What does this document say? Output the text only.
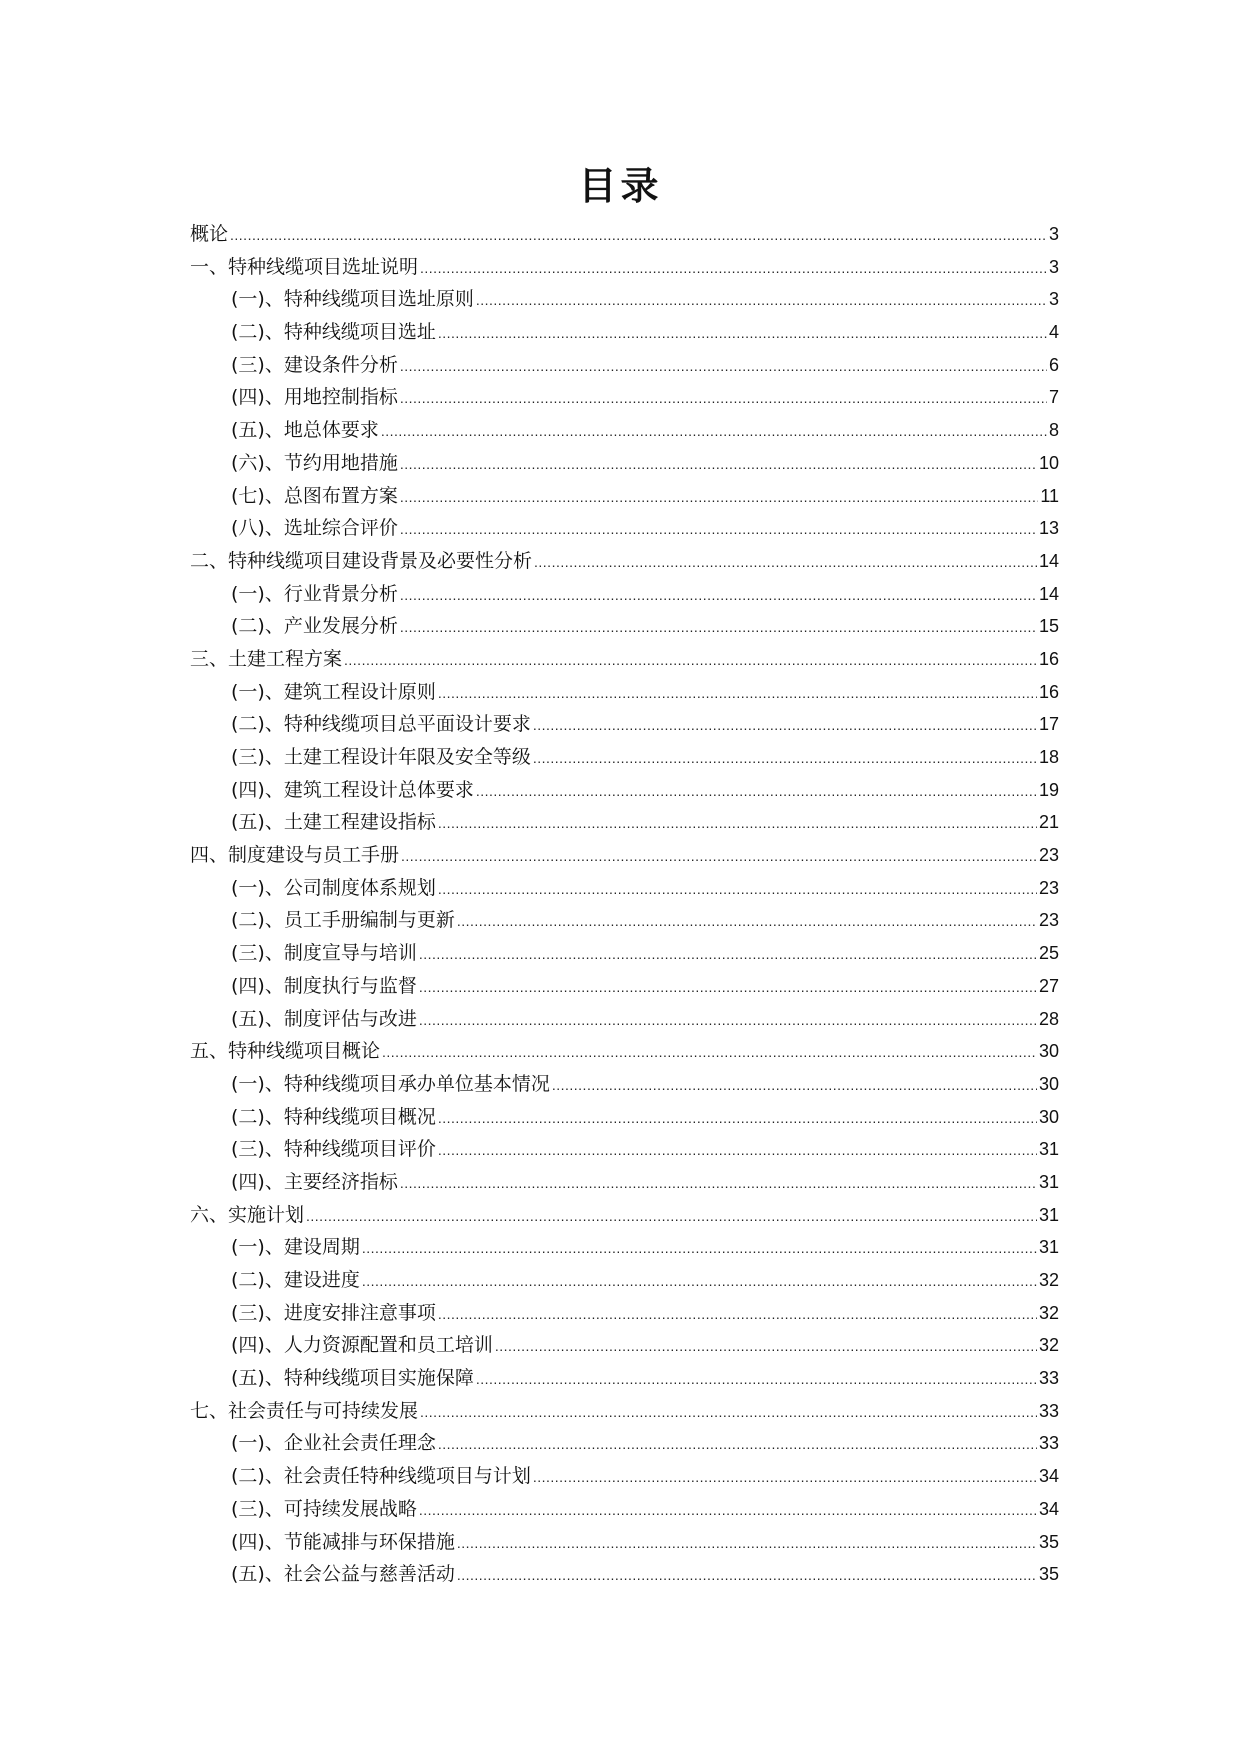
目录
概论 .....	3
一、特种线缆项目选址说明 .....	3
(一)、特种线缆项目选址原则 .....	3
(二)、特种线缆项目选址 .....	4
(三)、建设条件分析 .....	6
(四)、用地控制指标 .....	7
(五)、地总体要求 .....	8
(六)、节约用地措施 .....	10
(七)、总图布置方案 .....	11
(八)、选址综合评价 .....	13
二、特种线缆项目建设背景及必要性分析 .....	14
(一)、行业背景分析 .....	14
(二)、产业发展分析 .....	15
三、土建工程方案 .....	16
(一)、建筑工程设计原则 .....	16
(二)、特种线缆项目总平面设计要求 .....	17
(三)、土建工程设计年限及安全等级 .....	18
(四)、建筑工程设计总体要求 .....	19
(五)、土建工程建设指标 .....	21
四、制度建设与员工手册 .....	23
(一)、公司制度体系规划 .....	23
(二)、员工手册编制与更新 .....	23
(三)、制度宣导与培训 .....	25
(四)、制度执行与监督 .....	27
(五)、制度评估与改进 .....	28
五、特种线缆项目概论 .....	30
(一)、特种线缆项目承办单位基本情况 .....	30
(二)、特种线缆项目概况 .....	30
(三)、特种线缆项目评价 .....	31
(四)、主要经济指标 .....	31
六、实施计划 .....	31
(一)、建设周期 .....	31
(二)、建设进度 .....	32
(三)、进度安排注意事项 .....	32
(四)、人力资源配置和员工培训 .....	32
(五)、特种线缆项目实施保障 .....	33
七、社会责任与可持续发展 .....	33
(一)、企业社会责任理念 .....	33
(二)、社会责任特种线缆项目与计划 .....	34
(三)、可持续发展战略 .....	34
(四)、节能减排与环保措施 .....	35
(五)、社会公益与慈善活动 .....	35
